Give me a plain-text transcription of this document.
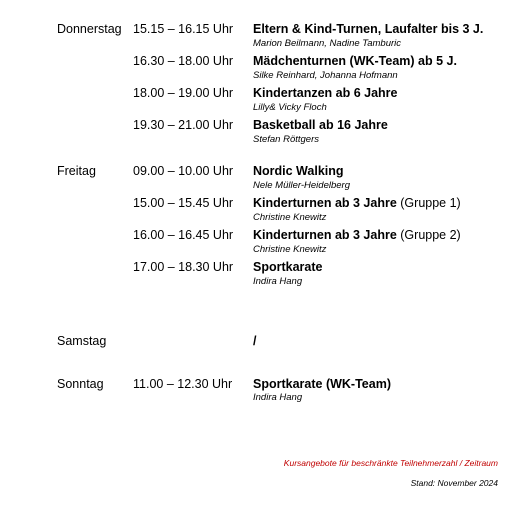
Donnerstag 15.15 – 16.15 Uhr Eltern & Kind-Turnen, Laufalter bis 3 J.
Marion Beilmann, Nadine Tamburic
16.30 – 18.00 Uhr Mädchenturnen (WK-Team) ab 5 J.
Silke Reinhard, Johanna Hofmann
18.00 – 19.00 Uhr Kindertanzen ab 6 Jahre
Lilly& Vicky Floch
19.30 – 21.00 Uhr Basketball ab 16 Jahre
Stefan Röttgers
Freitag	09.00 – 10.00 Uhr Nordic Walking
Nele Müller-Heidelberg
15.00 – 15.45 Uhr Kinderturnen ab 3 Jahre (Gruppe 1)
Christine Knewitz
16.00 – 16.45 Uhr Kinderturnen ab 3 Jahre (Gruppe 2)
Christine Knewitz
17.00 – 18.30 Uhr Sportkarate
Indira Hang
Samstag	/
Sonntag 11.00 – 12.30 Uhr Sportkarate (WK-Team)
Indira Hang
Kursangebote für beschränkte Teilnehmerzahl / Zeitraum
Stand: November 2024
